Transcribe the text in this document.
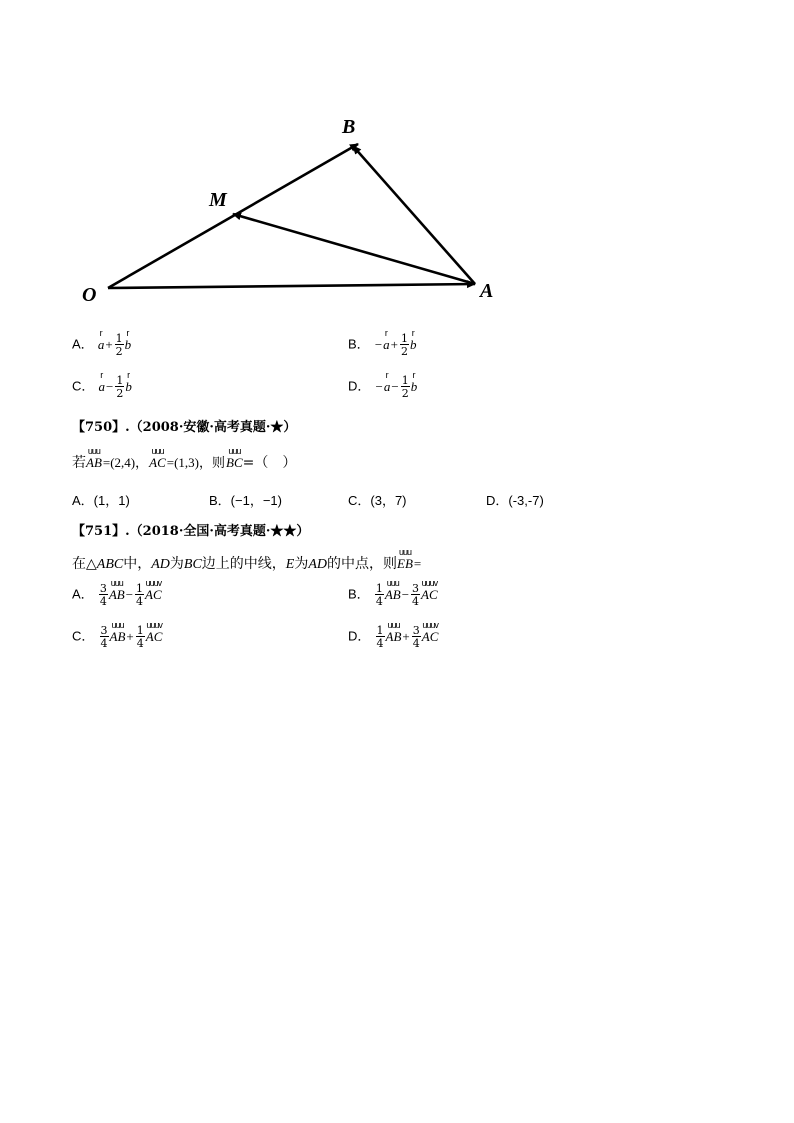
O	A
B
M
A．
r
$a+ \frac{1}{2}$
r
b	B． −
r
$a+ \frac{1}{2}$
r
b
C．
r
$a- \frac{1}{2}$
r
b	D． −
r
$a- \frac{1}{2}$
r
b
【750】.（2008·安徽·高考真题·★）
若
uuu
AB=(2,4)，
uuu
AC=(1,3)，则
uuu
BC=（　）
A．(1，1)	B．(−1，−1)	C．(3，7)	D．(-3,-7)
【751】.（2018·全国·高考真题·★★）
在△ABC中，AD为BC边上的中线，E为AD的中点，则
uuu
EB=
A． $\frac{3}{4}$
uuu
$AB- \frac{1}{4}$
uuuv
AC	B． $\frac{1}{4}$
uuu
$AB- \frac{3}{4}$
uuuv
AC
C． $\frac{3}{4}$
uuu
$AB+ \frac{1}{4}$
uuuv
AC	D． $\frac{1}{4}$
uuu
$AB+ \frac{3}{4}$
uuuv
AC
